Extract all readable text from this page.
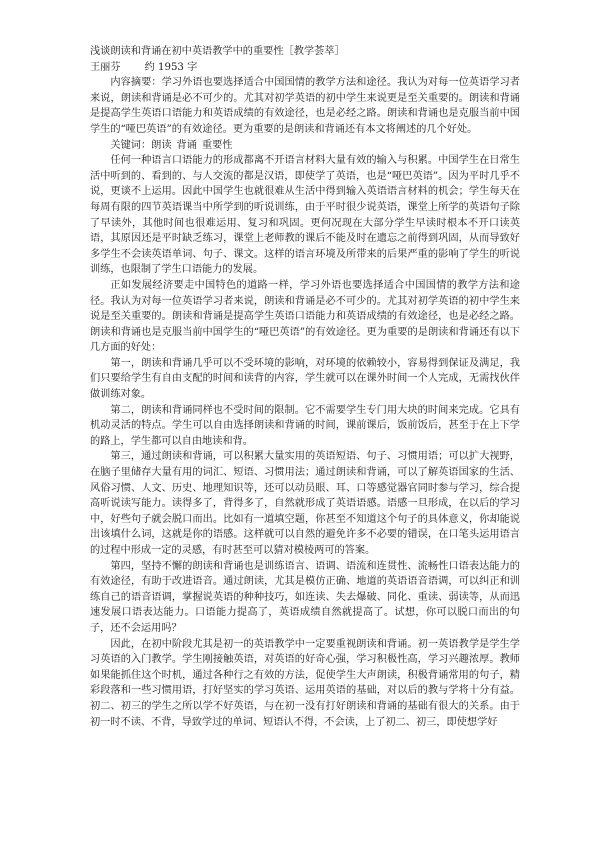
浅谈朗读和背诵在初中英语教学中的重要性［教学荟萃］
王丽芬 约 1953 字

内容摘要：学习外语也要选择适合中国国情的教学方法和途径。我认为对每一位英语学习者来说，朗读和背诵是必不可少的。尤其对初学英语的初中学生来说更是至关重要的。朗读和背诵是提高学生英语口语能力和英语成绩的有效途径，也是必经之路。朗读和背诵也是克服当前中国学生的“哑巴英语”的有效途径。更为重要的是朗读和背诵还有本文将阐述的几个好处。

关键词：朗读 背诵 重要性

任何一种语言口语能力的形成都离不开语言材料大量有效的输入与积累。中国学生在日常生活中听到的、看到的、与人交流的都是汉语，即使学了英语，也是“哑巴英语”。因为平时几乎不说，更谈不上运用。因此中国学生也就很难从生活中得到输入英语语言材料的机会；学生每天在每周有限的四节英语课当中所学到的听说训练，由于平时很少说英语，课堂上所学的英语句子除了早读外，其他时间也很难运用、复习和巩固。更何况现在大部分学生早读时根本不开口读英语，其原因还是平时缺乏练习，课堂上老师教的课后不能及时在遗忘之前得到巩固，从而导致好多学生不会读英语单词、句子、课文。这样的语言环境及所带来的后果严重的影响了学生的听说训练，也限制了学生口语能力的发展。

正如发展经济要走中国特色的道路一样，学习外语也要选择适合中国国情的教学方法和途径。我认为对每一位英语学习者来说，朗读和背诵是必不可少的。尤其对初学英语的初中学生来说是至关重要的。朗读和背诵是提高学生英语口语能力和英语成绩的有效途径，也是必经之路。朗读和背诵也是克服当前中国学生的“哑巴英语”的有效途径。更为重要的是朗读和背诵还有以下几方面的好处：

第一，朗读和背诵几乎可以不受环境的影响，对环境的依赖较小，容易得到保证及满足，我们只要给学生有自由支配的时间和读背的内容，学生就可以在课外时间一个人完成，无需找伙伴做训练对象。

第二，朗读和背诵同样也不受时间的限制。它不需要学生专门用大块的时间来完成。它具有机动灵活的特点。学生可以自由选择朗读和背诵的时间，课前课后，饭前饭后，甚至于在上下学的路上，学生都可以自由地读和背。

第三，通过朗读和背诵，可以积累大量实用的英语短语、句子、习惯用语；可以扩大视野，在脑子里储存大量有用的词汇、短语、习惯用法；通过朗读和背诵，可以了解英语国家的生活、风俗习惯、人文、历史、地理知识等，还可以动员眼、耳、口等感觉器官同时参与学习，综合提高听说读写能力。读得多了，背得多了，自然就形成了英语语感。语感一旦形成，在以后的学习中，好些句子就会脱口而出。比如有一道填空题，你甚至不知道这个句子的具体意义，你却能说出该填什么词，这就是你的语感。这样就可以自然的避免许多不必要的错误，在口笔头运用语言的过程中形成一定的灵感，有时甚至可以猜对模棱两可的答案。

第四，坚持不懈的朗读和背诵也是训练语言、语调、语流和连贯性、流畅性口语表达能力的有效途径，有助于改进语音。通过朗读，尤其是模仿正确、地道的英语语音语调，可以纠正和训练自己的语音语调，掌握说英语的种种技巧，如连读、失去爆破、同化、重读、弱读等，从而迅速发展口语表达能力。口语能力提高了，英语成绩自然就提高了。试想，你可以脱口而出的句子，还不会运用吗？

因此，在初中阶段尤其是初一的英语教学中一定要重视朗读和背诵。初一英语教学是学生学习英语的入门教学。学生刚接触英语，对英语的好奇心强，学习积极性高，学习兴趣浓厚。教师如果能抓住这个时机，通过各种行之有效的方法，促使学生大声朗读，积极背诵常用的句子，精彩段落和一些习惯用语，打好坚实的学习英语、运用英语的基础，对以后的教与学将十分有益。初二、初三的学生之所以学不好英语，与在初一没有打好朗读和背诵的基础有很大的关系。由于初一时不读、不背，导致学过的单词、短语认不得，不会读，上了初二、初三，即使想学好
